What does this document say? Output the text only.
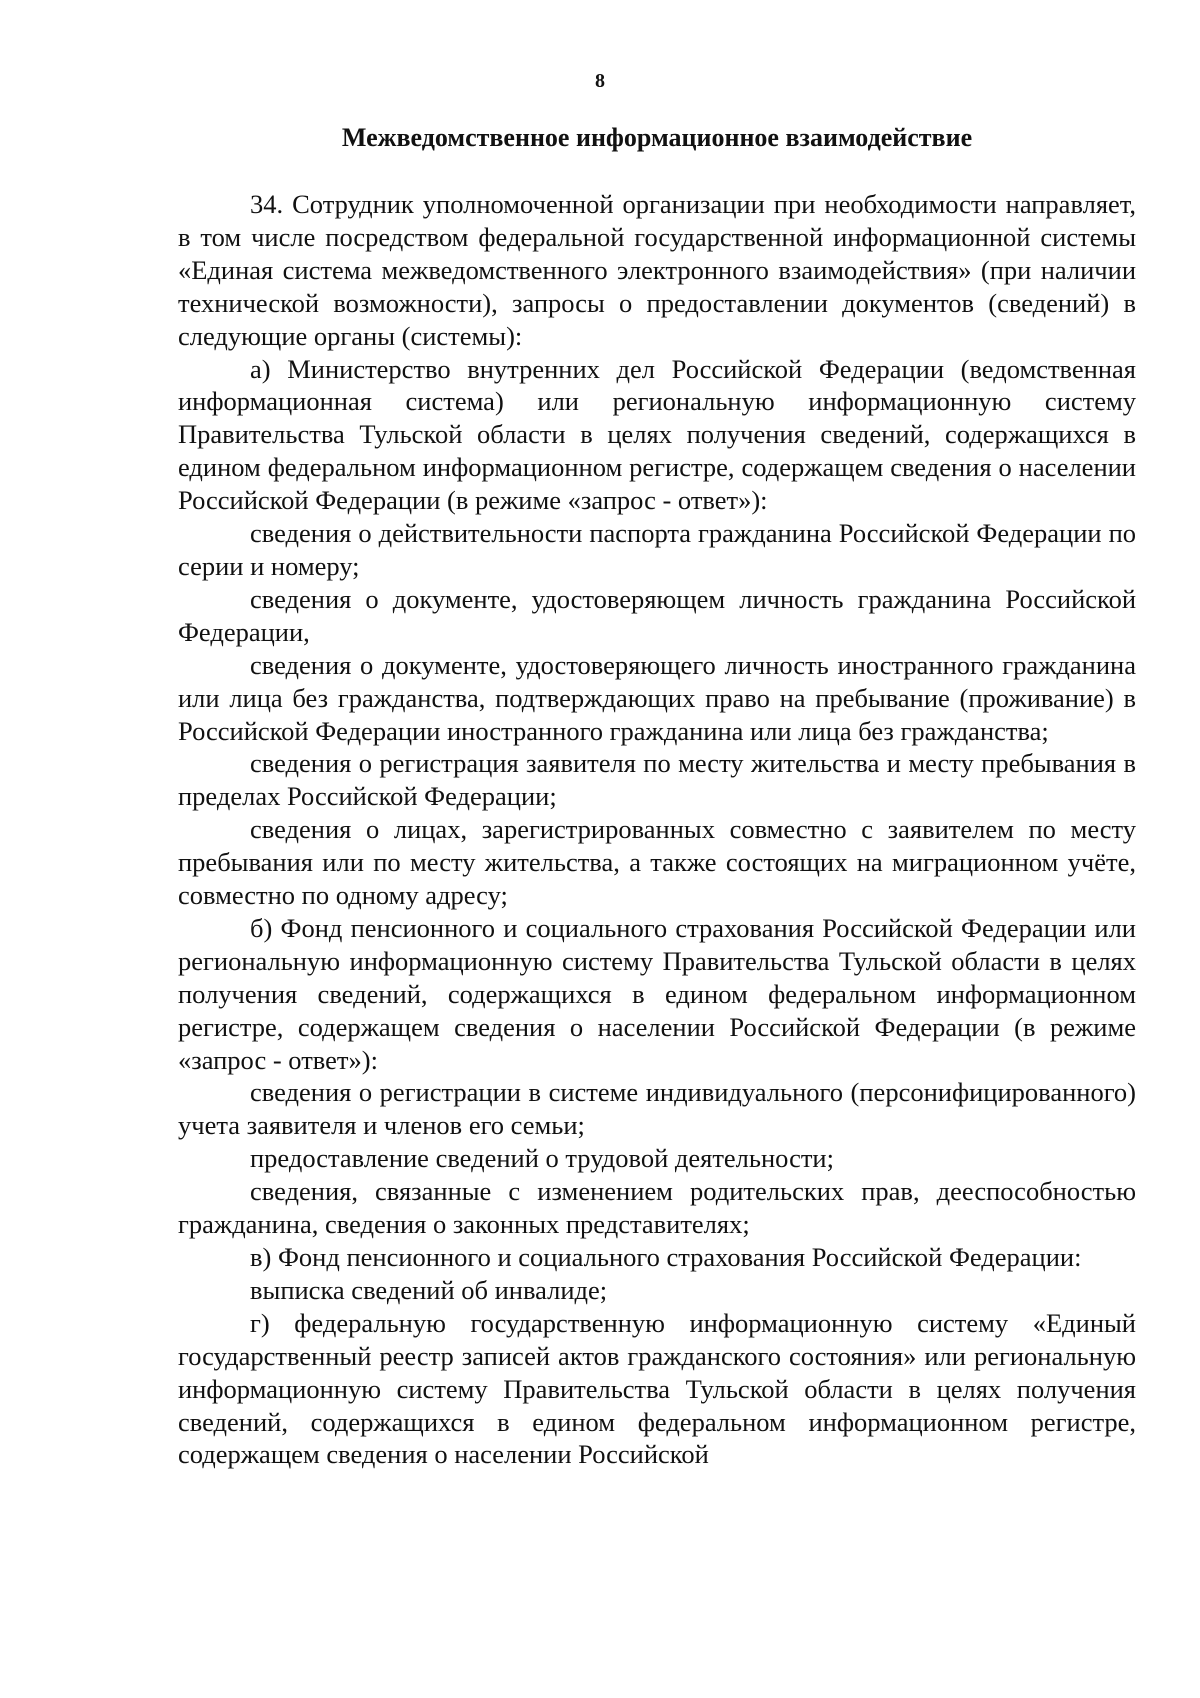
8
Межведомственное информационное взаимодействие

34. Сотрудник уполномоченной организации при необходимости направляет, в том числе посредством федеральной государственной информационной системы «Единая система межведомственного электронного взаимодействия» (при наличии технической возможности), запросы о предоставлении документов (сведений) в следующие органы (системы):

а) Министерство внутренних дел Российской Федерации (ведомственная информационная система) или региональную информационную систему Правительства Тульской области в целях получения сведений, содержащихся в едином федеральном информационном регистре, содержащем сведения о населении Российской Федерации (в режиме «запрос - ответ»):

сведения о действительности паспорта гражданина Российской Федерации по серии и номеру;

сведения о документе, удостоверяющем личность гражданина Российской Федерации,

сведения о документе, удостоверяющего личность иностранного гражданина или лица без гражданства, подтверждающих право на пребывание (проживание) в Российской Федерации иностранного гражданина или лица без гражданства;

сведения о регистрация заявителя по месту жительства и месту пребывания в пределах Российской Федерации;

сведения о лицах, зарегистрированных совместно с заявителем по месту пребывания или по месту жительства, а также состоящих на миграционном учёте, совместно по одному адресу;

б) Фонд пенсионного и социального страхования Российской Федерации или региональную информационную систему Правительства Тульской области в целях получения сведений, содержащихся в едином федеральном информационном регистре, содержащем сведения о населении Российской Федерации (в режиме «запрос - ответ»):

сведения о регистрации в системе индивидуального (персонифицированного) учета заявителя и членов его семьи;

предоставление сведений о трудовой деятельности;

сведения, связанные с изменением родительских прав, дееспособностью гражданина, сведения о законных представителях;

в) Фонд пенсионного и социального страхования Российской Федерации:

выписка сведений об инвалиде;

г) федеральную государственную информационную систему «Единый государственный реестр записей актов гражданского состояния» или региональную информационную систему Правительства Тульской области в целях получения сведений, содержащихся в едином федеральном информационном регистре, содержащем сведения о населении Российской
